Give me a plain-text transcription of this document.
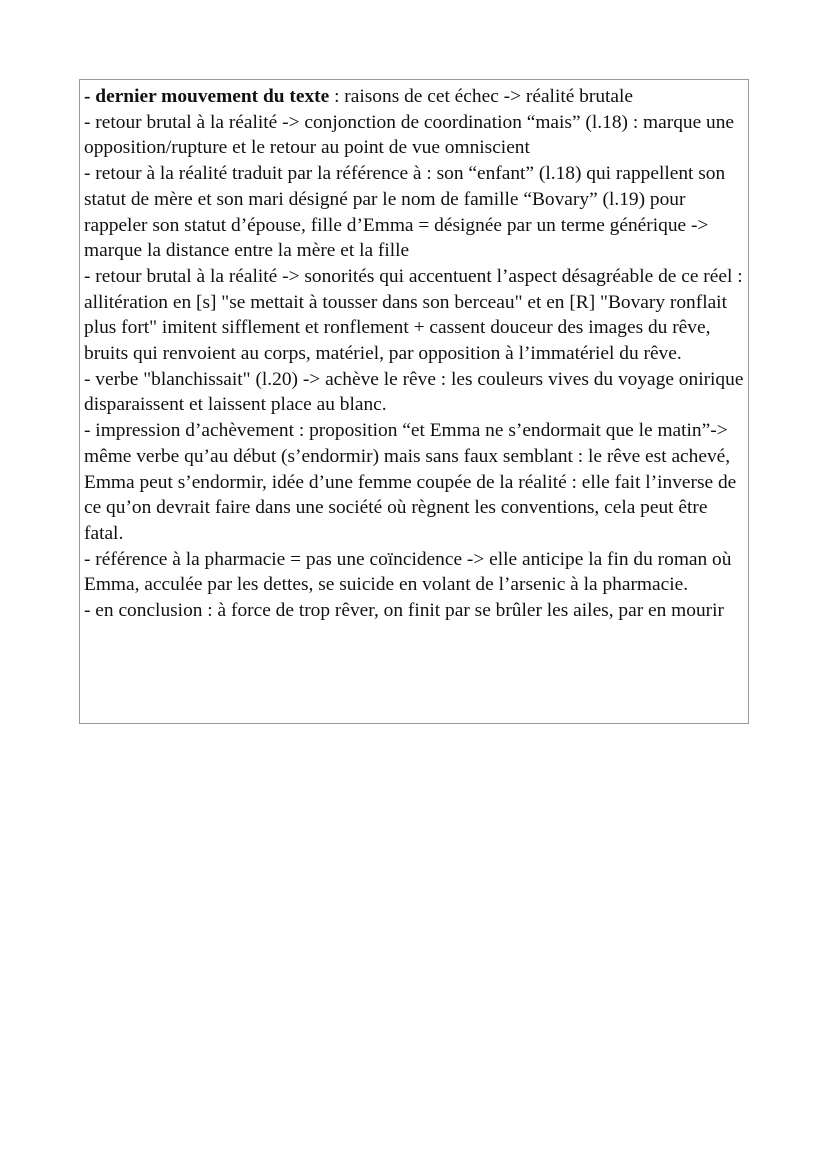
- dernier mouvement du texte : raisons de cet échec -> réalité brutale

- retour brutal à la réalité -> conjonction de coordination “mais” (l.18) : marque une opposition/rupture et le retour au point de vue omniscient

- retour à la réalité traduit par la référence à : son “enfant” (l.18) qui rappellent son statut de mère et son mari désigné par le nom de famille “Bovary” (l.19) pour rappeler son statut d’épouse, fille d’Emma = désignée par un terme générique -> marque la distance entre la mère et la fille

- retour brutal à la réalité -> sonorités qui accentuent l’aspect désagréable de ce réel : allitération en [s] "se mettait à tousser dans son berceau" et en [R] "Bovary ronflait plus fort" imitent sifflement et ronflement + cassent douceur des images du rêve, bruits qui renvoient au corps, matériel, par opposition à l’immatériel du rêve.

- verbe "blanchissait" (l.20) -> achève le rêve : les couleurs vives du voyage onirique disparaissent et laissent place au blanc.

- impression d’achèvement : proposition “et Emma ne s’endormait que le matin”-> même verbe qu’au début (s’endormir) mais sans faux semblant : le rêve est achevé, Emma peut s’endormir, idée d’une femme coupée de la réalité : elle fait l’inverse de ce qu’on devrait faire dans une société où règnent les conventions, cela peut être fatal.

- référence à la pharmacie = pas une coïncidence -> elle anticipe la fin du roman où Emma, acculée par les dettes, se suicide en volant de l’arsenic à la pharmacie.

- en conclusion : à force de trop rêver, on finit par se brûler les ailes, par en mourir
